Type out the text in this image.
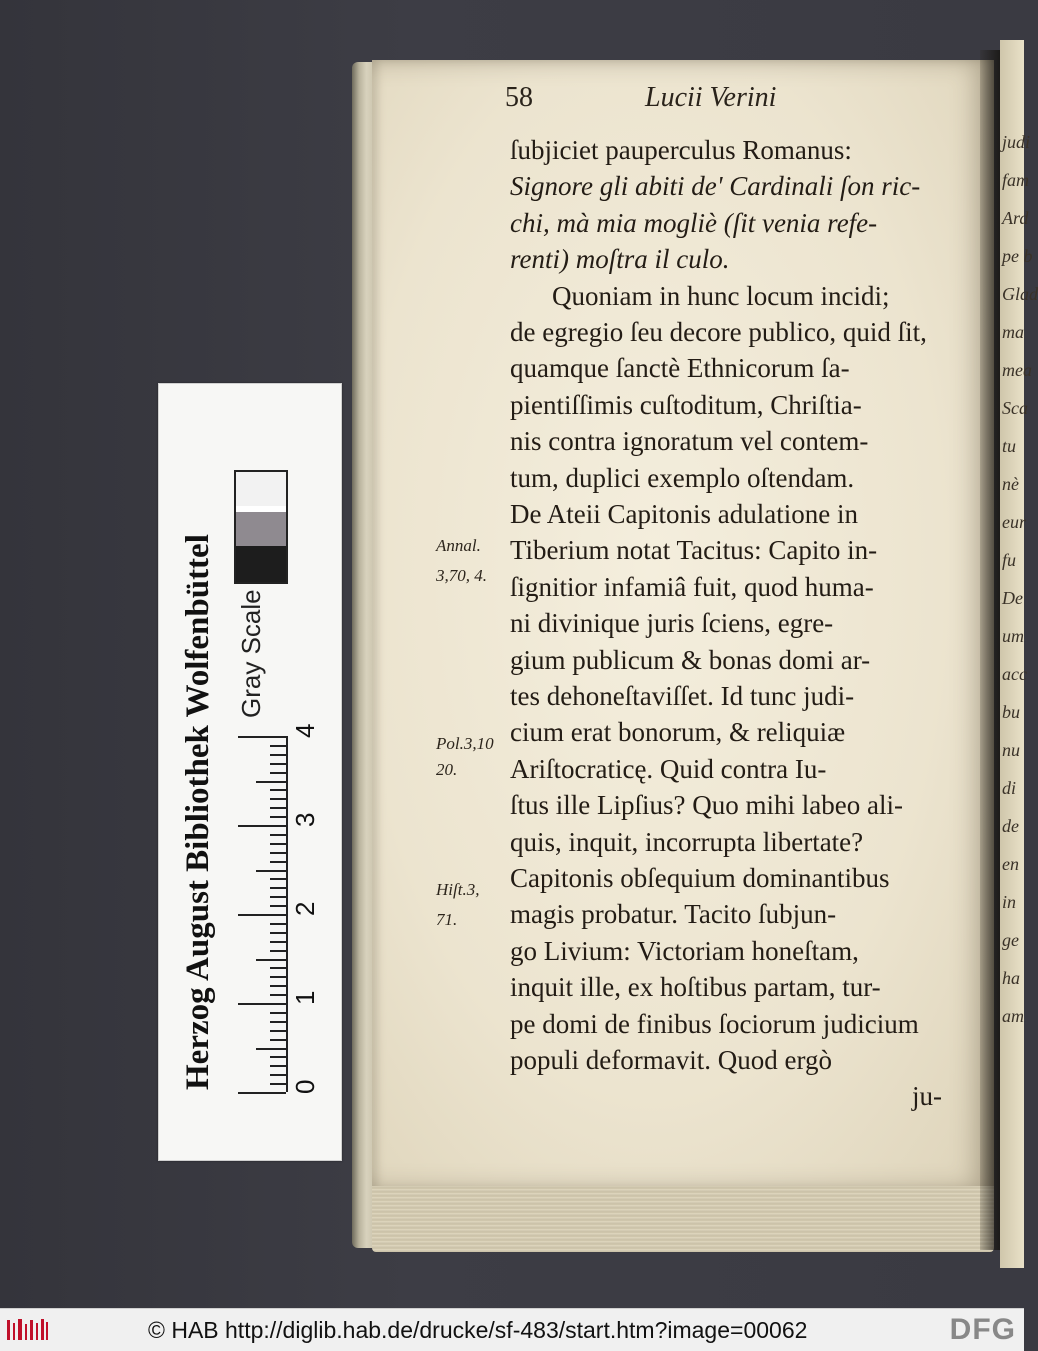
judi
fam
Ard
pe b
Glad
ma
mea
Sca
tu
nè
eur
fu
De
um
acc
bu
nu
di
de
en
in
ge
ha
am
58	Lucii Verini
ſubjiciet pauperculus Romanus:
Signore gli abiti de' Cardinali ſon ric-
chi, mà mia mogliè (ſit venia refe-
renti) moſtra il culo.
Quoniam in hunc locum incidi;
de egregio ſeu decore publico, quid ſit,
quamque ſanctè Ethnicorum ſa-
pientiſſimis cuſtoditum, Chriſtia-
nis contra ignoratum vel contem-
tum, duplici exemplo oſtendam.
De Ateii Capitonis adulatione in
Tiberium notat Tacitus: Capito in-
ſignitior infamiâ fuit, quod huma-
ni divinique juris ſciens, egre-
gium publicum & bonas domi ar-
tes dehoneſtaviſſet. Id tunc judi-
cium erat bonorum, & reliquiæ
Ariſtocraticę. Quid contra Iu-
ſtus ille Lipſius? Quo mihi labeo ali-
quis, inquit, incorrupta libertate?
Capitonis obſequium dominantibus
magis probatur. Tacito ſubjun-
go Livium: Victoriam honeſtam,
inquit ille, ex hoſtibus partam, tur-
pe domi de finibus ſociorum judicium
populi deformavit. Quod ergò
Annal.
3,70, 4.
Pol.3,10
20.
Hiſt.3,
71.
ju-
Herzog August Bibliothek Wolfenbüttel Gray Scale
0
1
2
3
4
© HAB http://diglib.hab.de/drucke/sf-483/start.htm?image=00062	DFG
